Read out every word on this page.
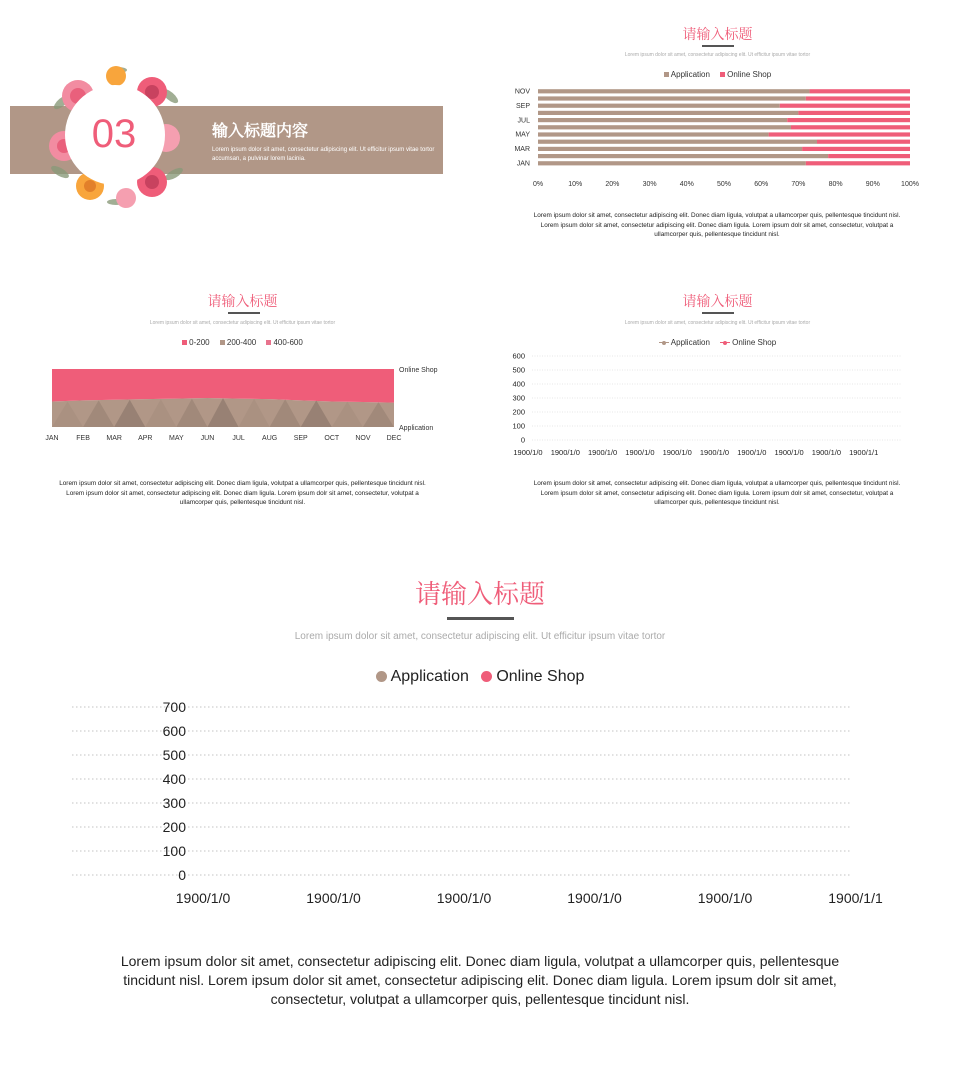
03	输入标题内容
Lorem ipsum dolor sit amet, consectetur adipiscing elit. Ut efficitur ipsum vitae tortor accumsan, a pulvinar lorem lacinia.
请输入标题
Lorem ipsum dolor sit amet, consectetur adipiscing elit. Ut efficitur ipsum vitae tortor
Application Online Shop
JAN
MAR
MAY
JUL
SEP
NOV
0%	10%	20%	30%	40%	50%	60%	70%	80%	90%	100%
Lorem ipsum dolor sit amet, consectetur adipiscing elit. Donec diam ligula, volutpat a ullamcorper quis, pellentesque tincidunt nisl. Lorem ipsum dolor sit amet, consectetur adipiscing elit. Donec diam ligula. Lorem ipsum dolr sit amet, consectetur, volutpat a ullamcorper quis, pellentesque tincidunt nisl.
请输入标题
Lorem ipsum dolor sit amet, consectetur adipiscing elit. Ut efficitur ipsum vitae tortor
0-200 200-400 400-600
JAN	FEB MAR APR MAY JUN	JUL AUG SEP OCT NOV DEC
Online Shop
Application
Lorem ipsum dolor sit amet, consectetur adipiscing elit. Donec diam ligula, volutpat a ullamcorper quis, pellentesque tincidunt nisl. Lorem ipsum dolor sit amet, consectetur adipiscing elit. Donec diam ligula. Lorem ipsum dolr sit amet, consectetur, volutpat a ullamcorper quis, pellentesque tincidunt nisl.
请输入标题
Lorem ipsum dolor sit amet, consectetur adipiscing elit. Ut efficitur ipsum vitae tortor
Application	Online Shop
0
100
200
300
400
500
600
1900/1/0 1900/1/0 1900/1/0 1900/1/0 1900/1/0 1900/1/0 1900/1/0 1900/1/0 1900/1/0 1900/1/1
Lorem ipsum dolor sit amet, consectetur adipiscing elit. Donec diam ligula, volutpat a ullamcorper quis, pellentesque tincidunt nisl. Lorem ipsum dolor sit amet, consectetur adipiscing elit. Donec diam ligula. Lorem ipsum dolr sit amet, consectetur, volutpat a ullamcorper quis, pellentesque tincidunt nisl.
请输入标题
Lorem ipsum dolor sit amet, consectetur adipiscing elit. Ut efficitur ipsum vitae tortor
Application Online Shop
0
100
200
300
400
500
600
700
1900/1/0	1900/1/0	1900/1/0	1900/1/0	1900/1/0	1900/1/1
Lorem ipsum dolor sit amet, consectetur adipiscing elit. Donec diam ligula, volutpat a ullamcorper quis, pellentesque tincidunt nisl. Lorem ipsum dolor sit amet, consectetur adipiscing elit. Donec diam ligula. Lorem ipsum dolr sit amet, consectetur, volutpat a ullamcorper quis, pellentesque tincidunt nisl.
